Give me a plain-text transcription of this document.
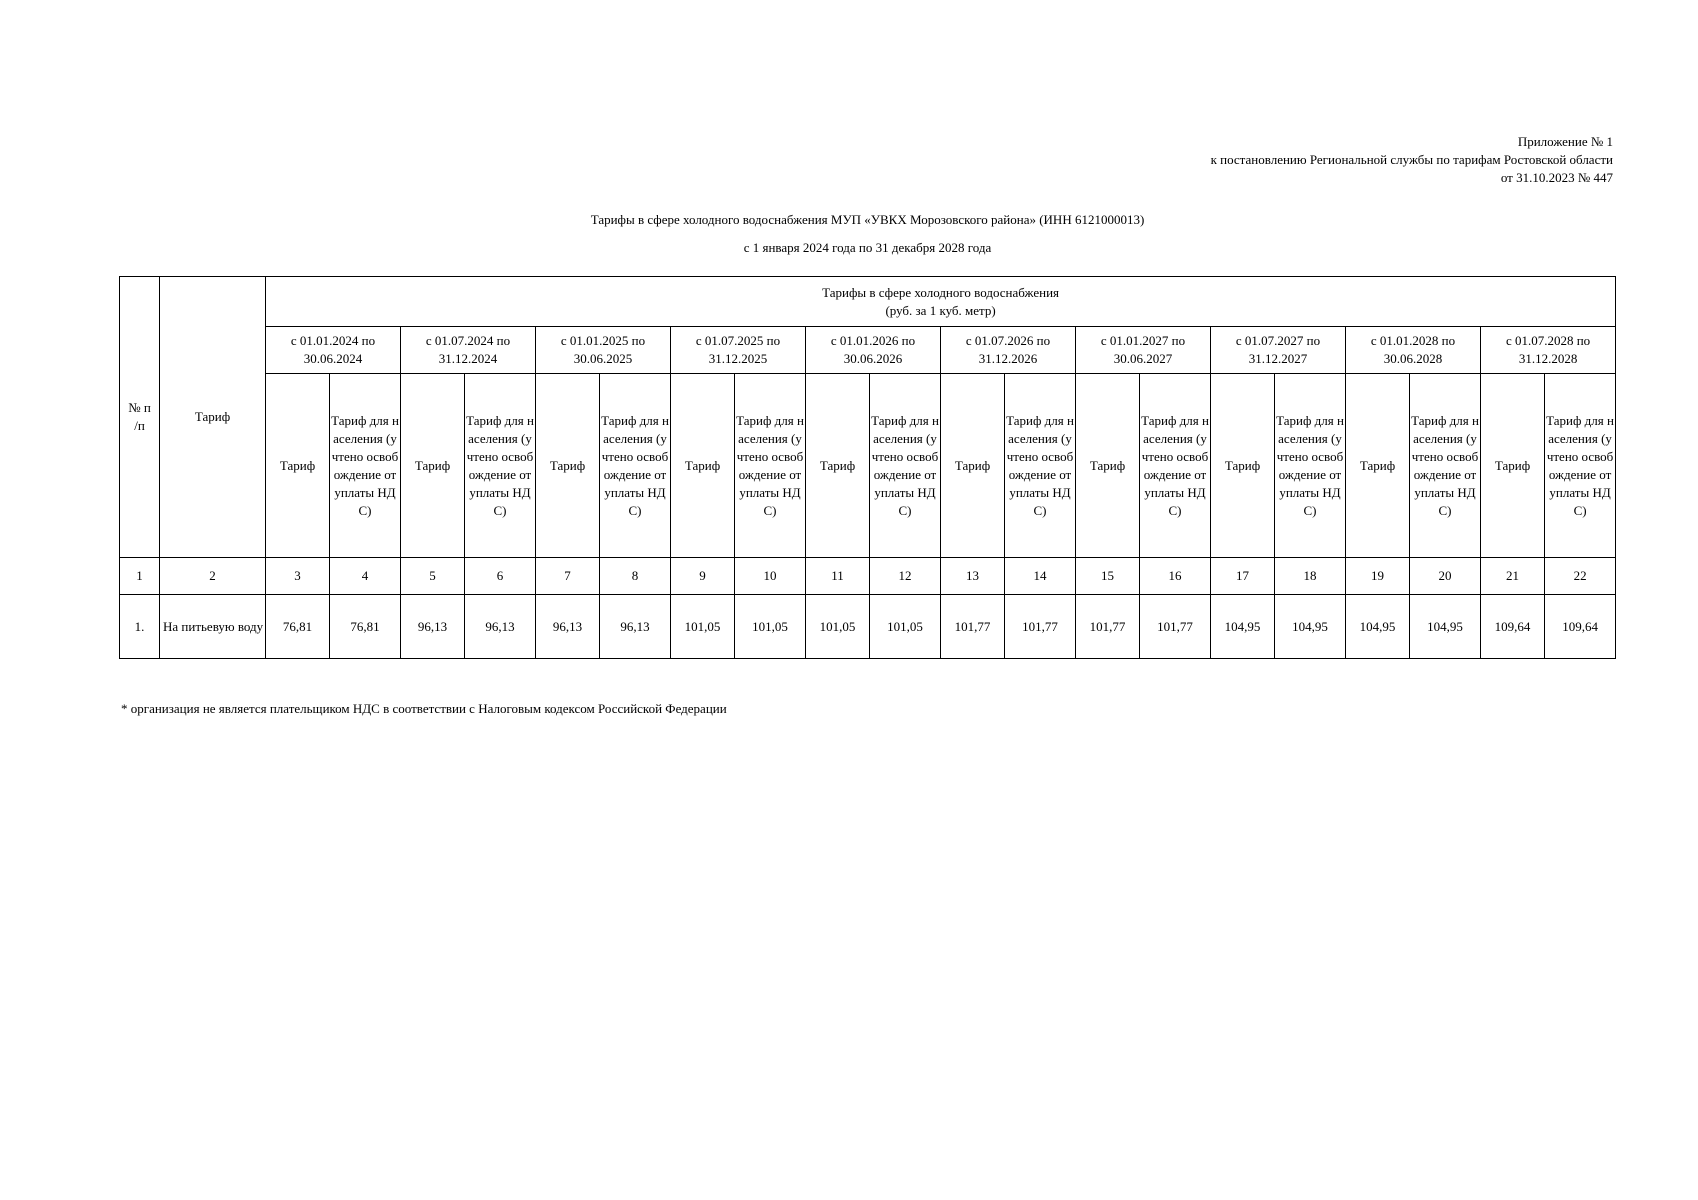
Приложение № 1
к постановлению Региональной службы по тарифам Ростовской области
от 31.10.2023 № 447
Тарифы в сфере холодного водоснабжения МУП «УВКХ Морозовского района» (ИНН 6121000013)
с 1 января 2024 года по 31 декабря 2028 года
№ п /п	Тариф	Тарифы в сфере холодного водоснабжения
(руб. за 1 куб. метр)																			

		с 01.01.2024 по 30.06.2024		с 01.07.2024 по 31.12.2024		с 01.01.2025 по 30.06.2025		с 01.07.2025 по 31.12.2025		с 01.01.2026 по 30.06.2026		с 01.07.2026 по 31.12.2026		с 01.01.2027 по 30.06.2027		с 01.07.2027 по 31.12.2027		с 01.01.2028 по 30.06.2028		с 01.07.2028 по 31.12.2028	
		Тариф	Тариф для населения (учтено освобождение от уплаты НДС)	Тариф	Тариф для населения (учтено освобождение от уплаты НДС)	Тариф	Тариф для населения (учтено освобождение от уплаты НДС)	Тариф	Тариф для населения (учтено освобождение от уплаты НДС)	Тариф	Тариф для населения (учтено освобождение от уплаты НДС)	Тариф	Тариф для населения (учтено освобождение от уплаты НДС)	Тариф	Тариф для населения (учтено освобождение от уплаты НДС)	Тариф	Тариф для населения (учтено освобождение от уплаты НДС)	Тариф	Тариф для населения (учтено освобождение от уплаты НДС)	Тариф	Тариф для населения (учтено освобождение от уплаты НДС)

1	2	3	4	5	6	7	8	9	10	11	12	13	14	15	16	17	18	19	20	21	22
1.	На питьевую воду	76,81	76,81	96,13	96,13	96,13	96,13	101,05	101,05	101,05	101,05	101,77	101,77	101,77	101,77	104,95	104,95	104,95	104,95	109,64	109,64
* организация не является плательщиком НДС в соответствии с Налоговым кодексом Российской Федерации
